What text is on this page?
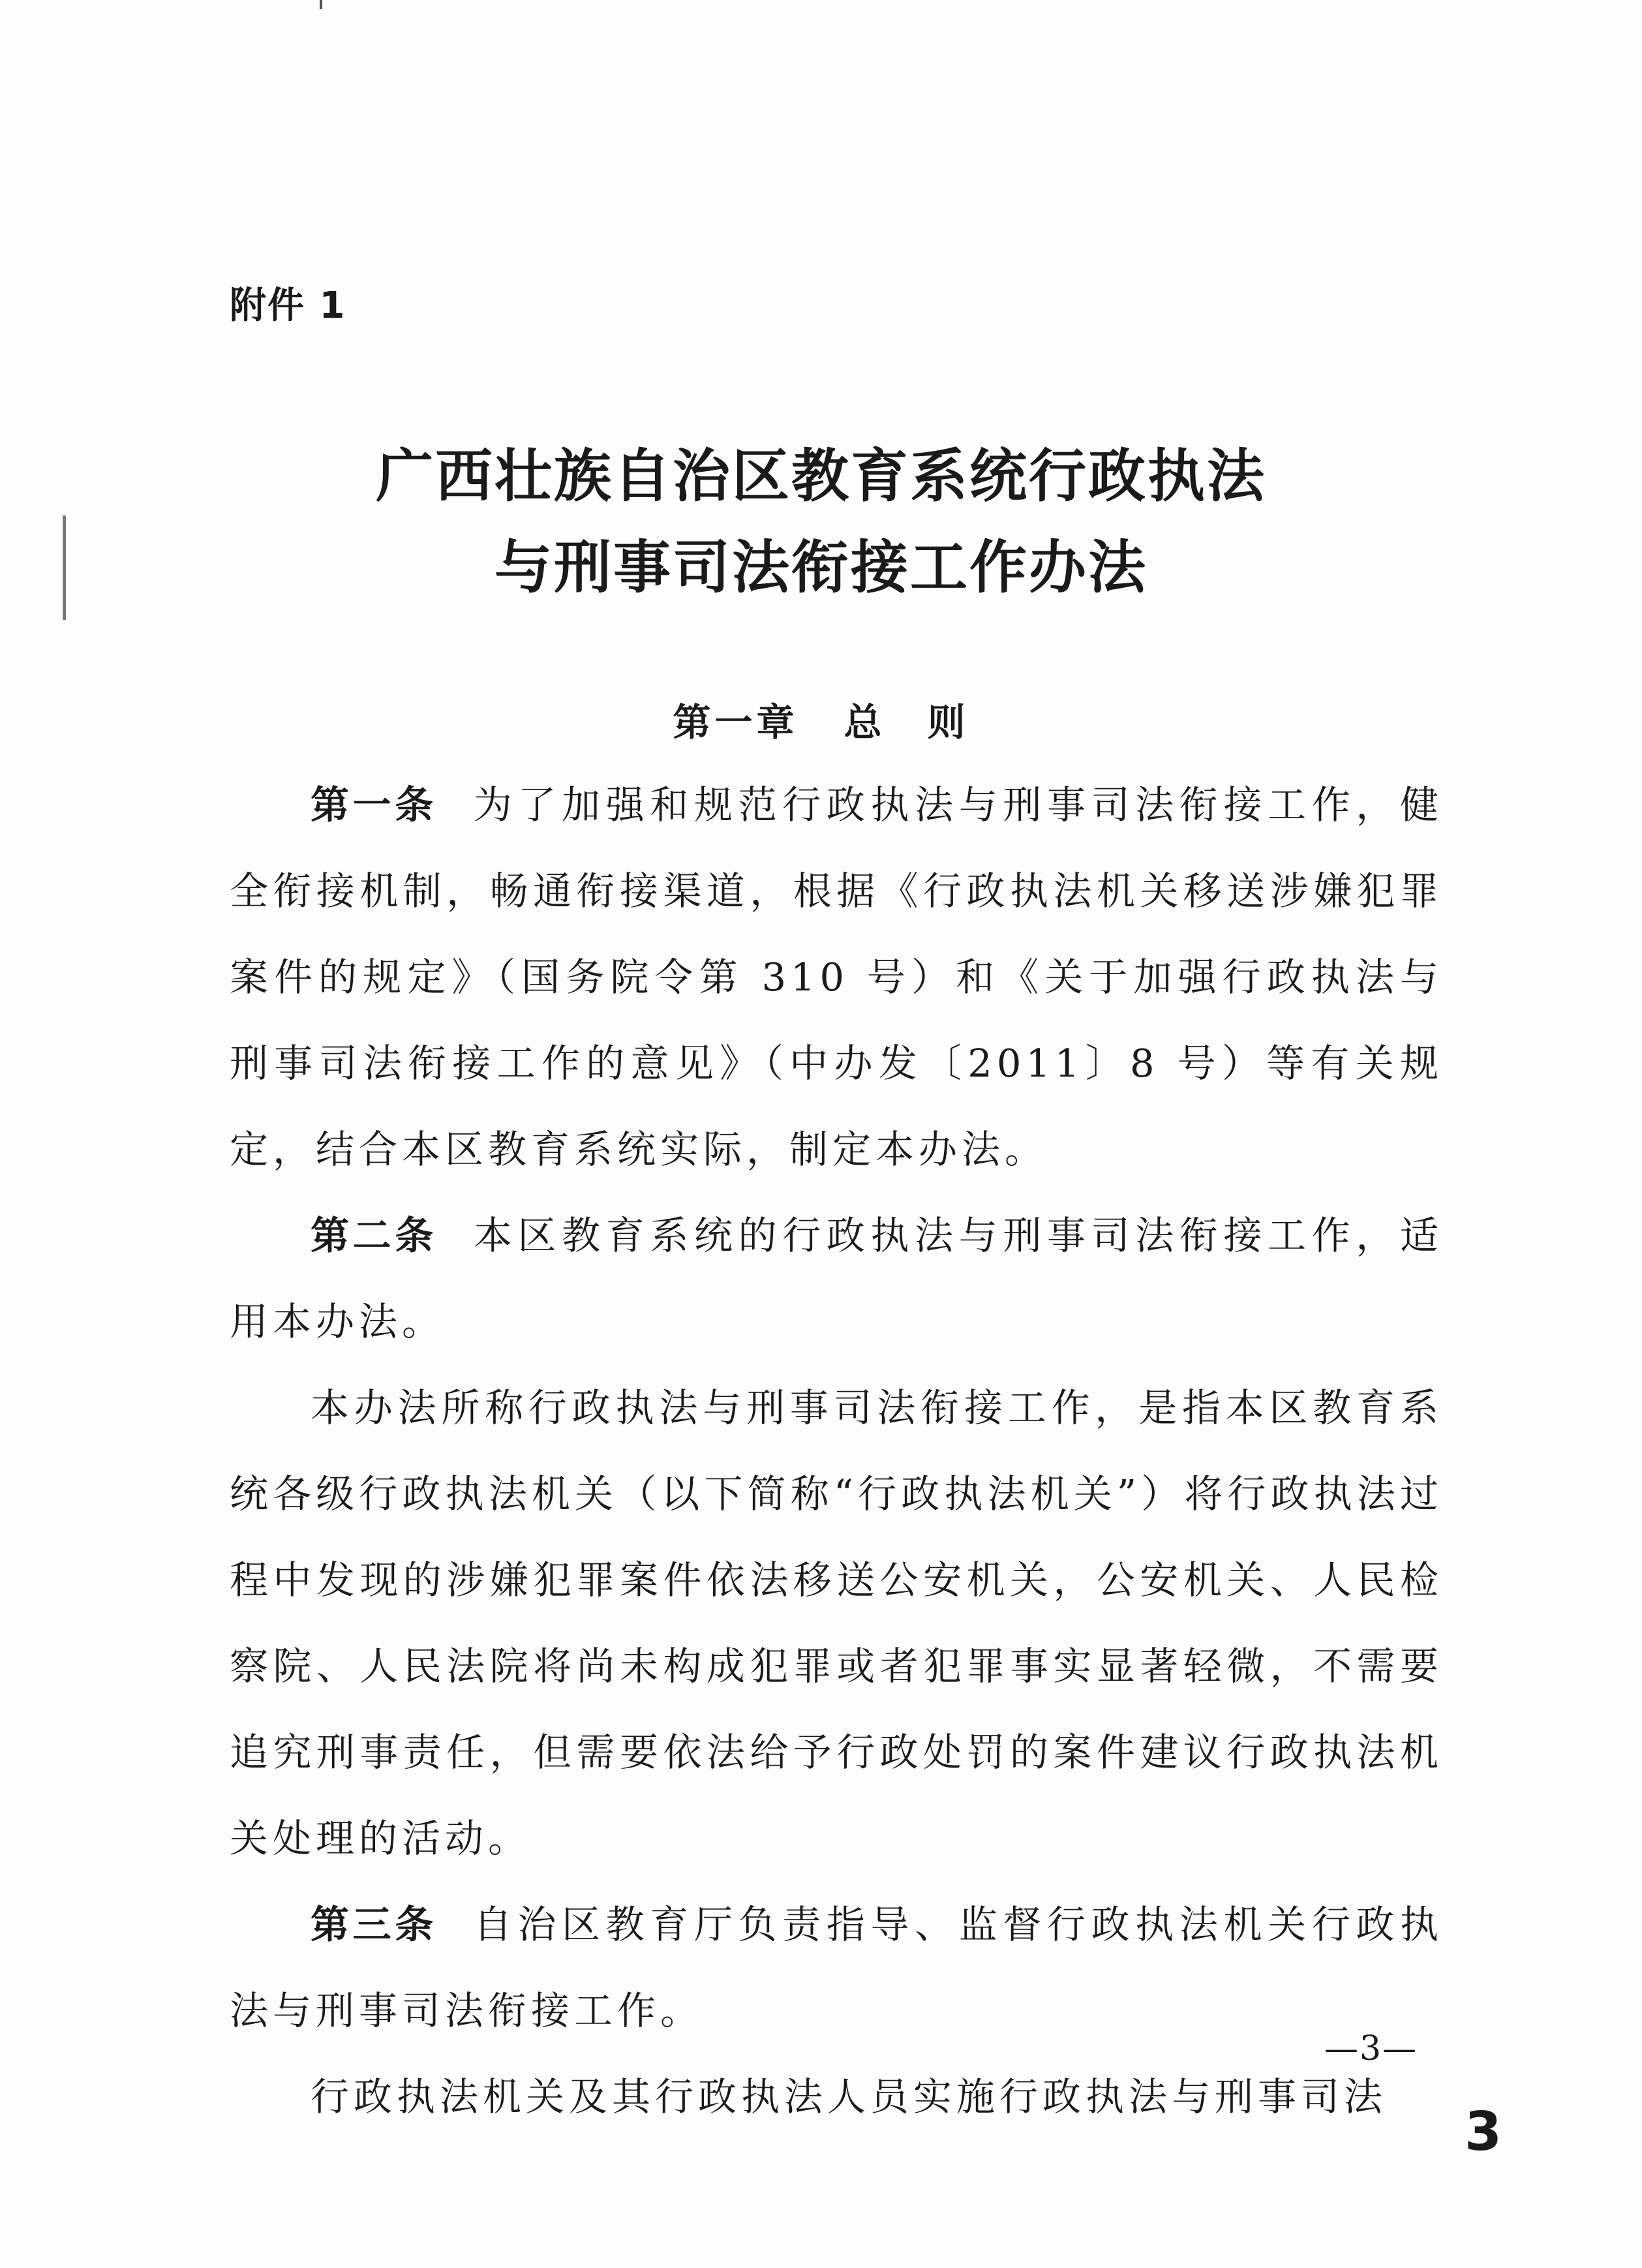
附件 1
广西壮族自治区教育系统行政执法
与刑事司法衔接工作办法
第一章 总　则

第一条 为了加强和规范行政执法与刑事司法衔接工作，健全衔接机制，畅通衔接渠道，根据《行政执法机关移送涉嫌犯罪案件的规定》（国务院令第 310 号）和《关于加强行政执法与刑事司法衔接工作的意见》（中办发〔2011〕8 号）等有关规定，结合本区教育系统实际，制定本办法。

第二条 本区教育系统的行政执法与刑事司法衔接工作，适用本办法。

本办法所称行政执法与刑事司法衔接工作，是指本区教育系统各级行政执法机关（以下简称“行政执法机关”）将行政执法过程中发现的涉嫌犯罪案件依法移送公安机关，公安机关、人民检察院、人民法院将尚未构成犯罪或者犯罪事实显著轻微，不需要追究刑事责任，但需要依法给予行政处罚的案件建议行政执法机关处理的活动。

第三条 自治区教育厅负责指导、监督行政执法机关行政执法与刑事司法衔接工作。

行政执法机关及其行政执法人员实施行政执法与刑事司法

—3—
3
